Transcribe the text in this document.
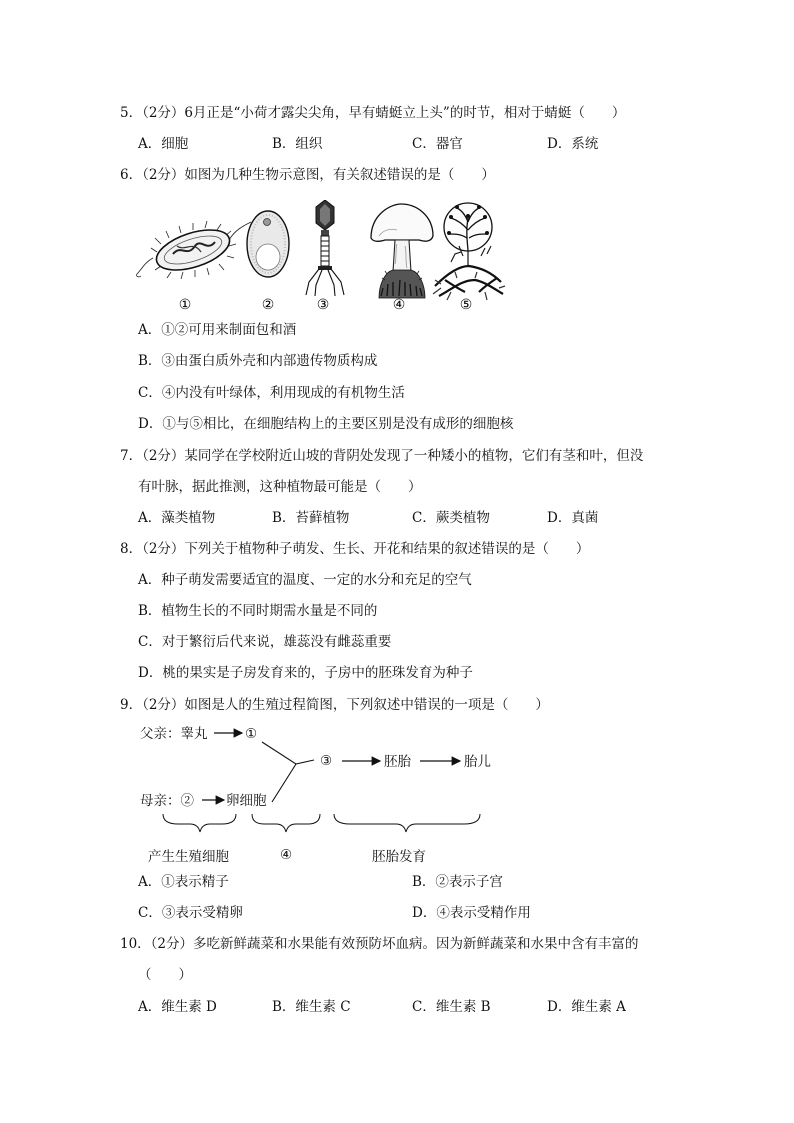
5．（2分）6月正是“小荷才露尖尖角，早有蜻蜓立上头”的时节，相对于蜻蜓（　　）
A．细胞	B．组织	C．器官	D．系统
6．（2分）如图为几种生物示意图，有关叙述错误的是（　　）
①	②	③	④	⑤
A．①②可用来制面包和酒
B．③由蛋白质外壳和内部遗传物质构成
C．④内没有叶绿体，利用现成的有机物生活
D．①与⑤相比，在细胞结构上的主要区别是没有成形的细胞核
7．（2分）某同学在学校附近山坡的背阴处发现了一种矮小的植物，它们有茎和叶，但没
有叶脉，据此推测，这种植物最可能是（　　）
A．藻类植物	B．苔藓植物	C．蕨类植物	D．真菌
8．（2分）下列关于植物种子萌发、生长、开花和结果的叙述错误的是（　　）
A．种子萌发需要适宜的温度、一定的水分和充足的空气
B．植物生长的不同时期需水量是不同的
C．对于繁衍后代来说，雄蕊没有雌蕊重要
D．桃的果实是子房发育来的，子房中的胚珠发育为种子
9．（2分）如图是人的生殖过程简图，下列叙述中错误的一项是（　　）
父亲：睾丸	①
母亲：② 卵细胞
③	胚胎	胎儿
产生生殖细胞	④	胚胎发育
A．①表示精子	B．②表示子宫
C．③表示受精卵	D．④表示受精作用
10．（2分）多吃新鲜蔬菜和水果能有效预防坏血病。因为新鲜蔬菜和水果中含有丰富的
（　　）
A．维生素 D	B．维生素 C	C．维生素 B	D．维生素 A
